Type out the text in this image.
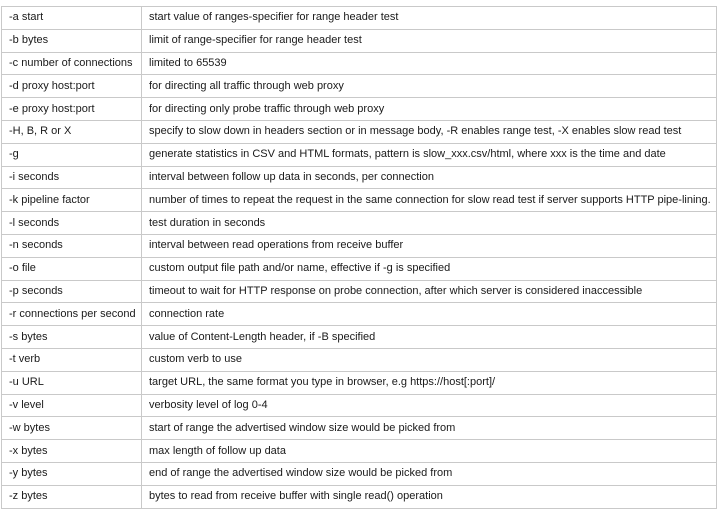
-a start	start value of ranges-specifier for range header test
-b bytes	limit of range-specifier for range header test
-c number of connections	limited to 65539
-d proxy host:port	for directing all traffic through web proxy
-e proxy host:port	for directing only probe traffic through web proxy
-H, B, R or X	specify to slow down in headers section or in message body, -R enables range test, -X enables slow read test
-g	generate statistics in CSV and HTML formats, pattern is slow_xxx.csv/html, where xxx is the time and date
-i seconds	interval between follow up data in seconds, per connection
-k pipeline factor	number of times to repeat the request in the same connection for slow read test if server supports HTTP pipe-lining.
-l seconds	test duration in seconds
-n seconds	interval between read operations from receive buffer
-o file	custom output file path and/or name, effective if -g is specified
-p seconds	timeout to wait for HTTP response on probe connection, after which server is considered inaccessible
-r connections per second	connection rate
-s bytes	value of Content-Length header, if -B specified
-t verb	custom verb to use
-u URL	target URL, the same format you type in browser, e.g https://host[:port]/
-v level	verbosity level of log 0-4
-w bytes	start of range the advertised window size would be picked from
-x bytes	max length of follow up data
-y bytes	end of range the advertised window size would be picked from
-z bytes	bytes to read from receive buffer with single read() operation
